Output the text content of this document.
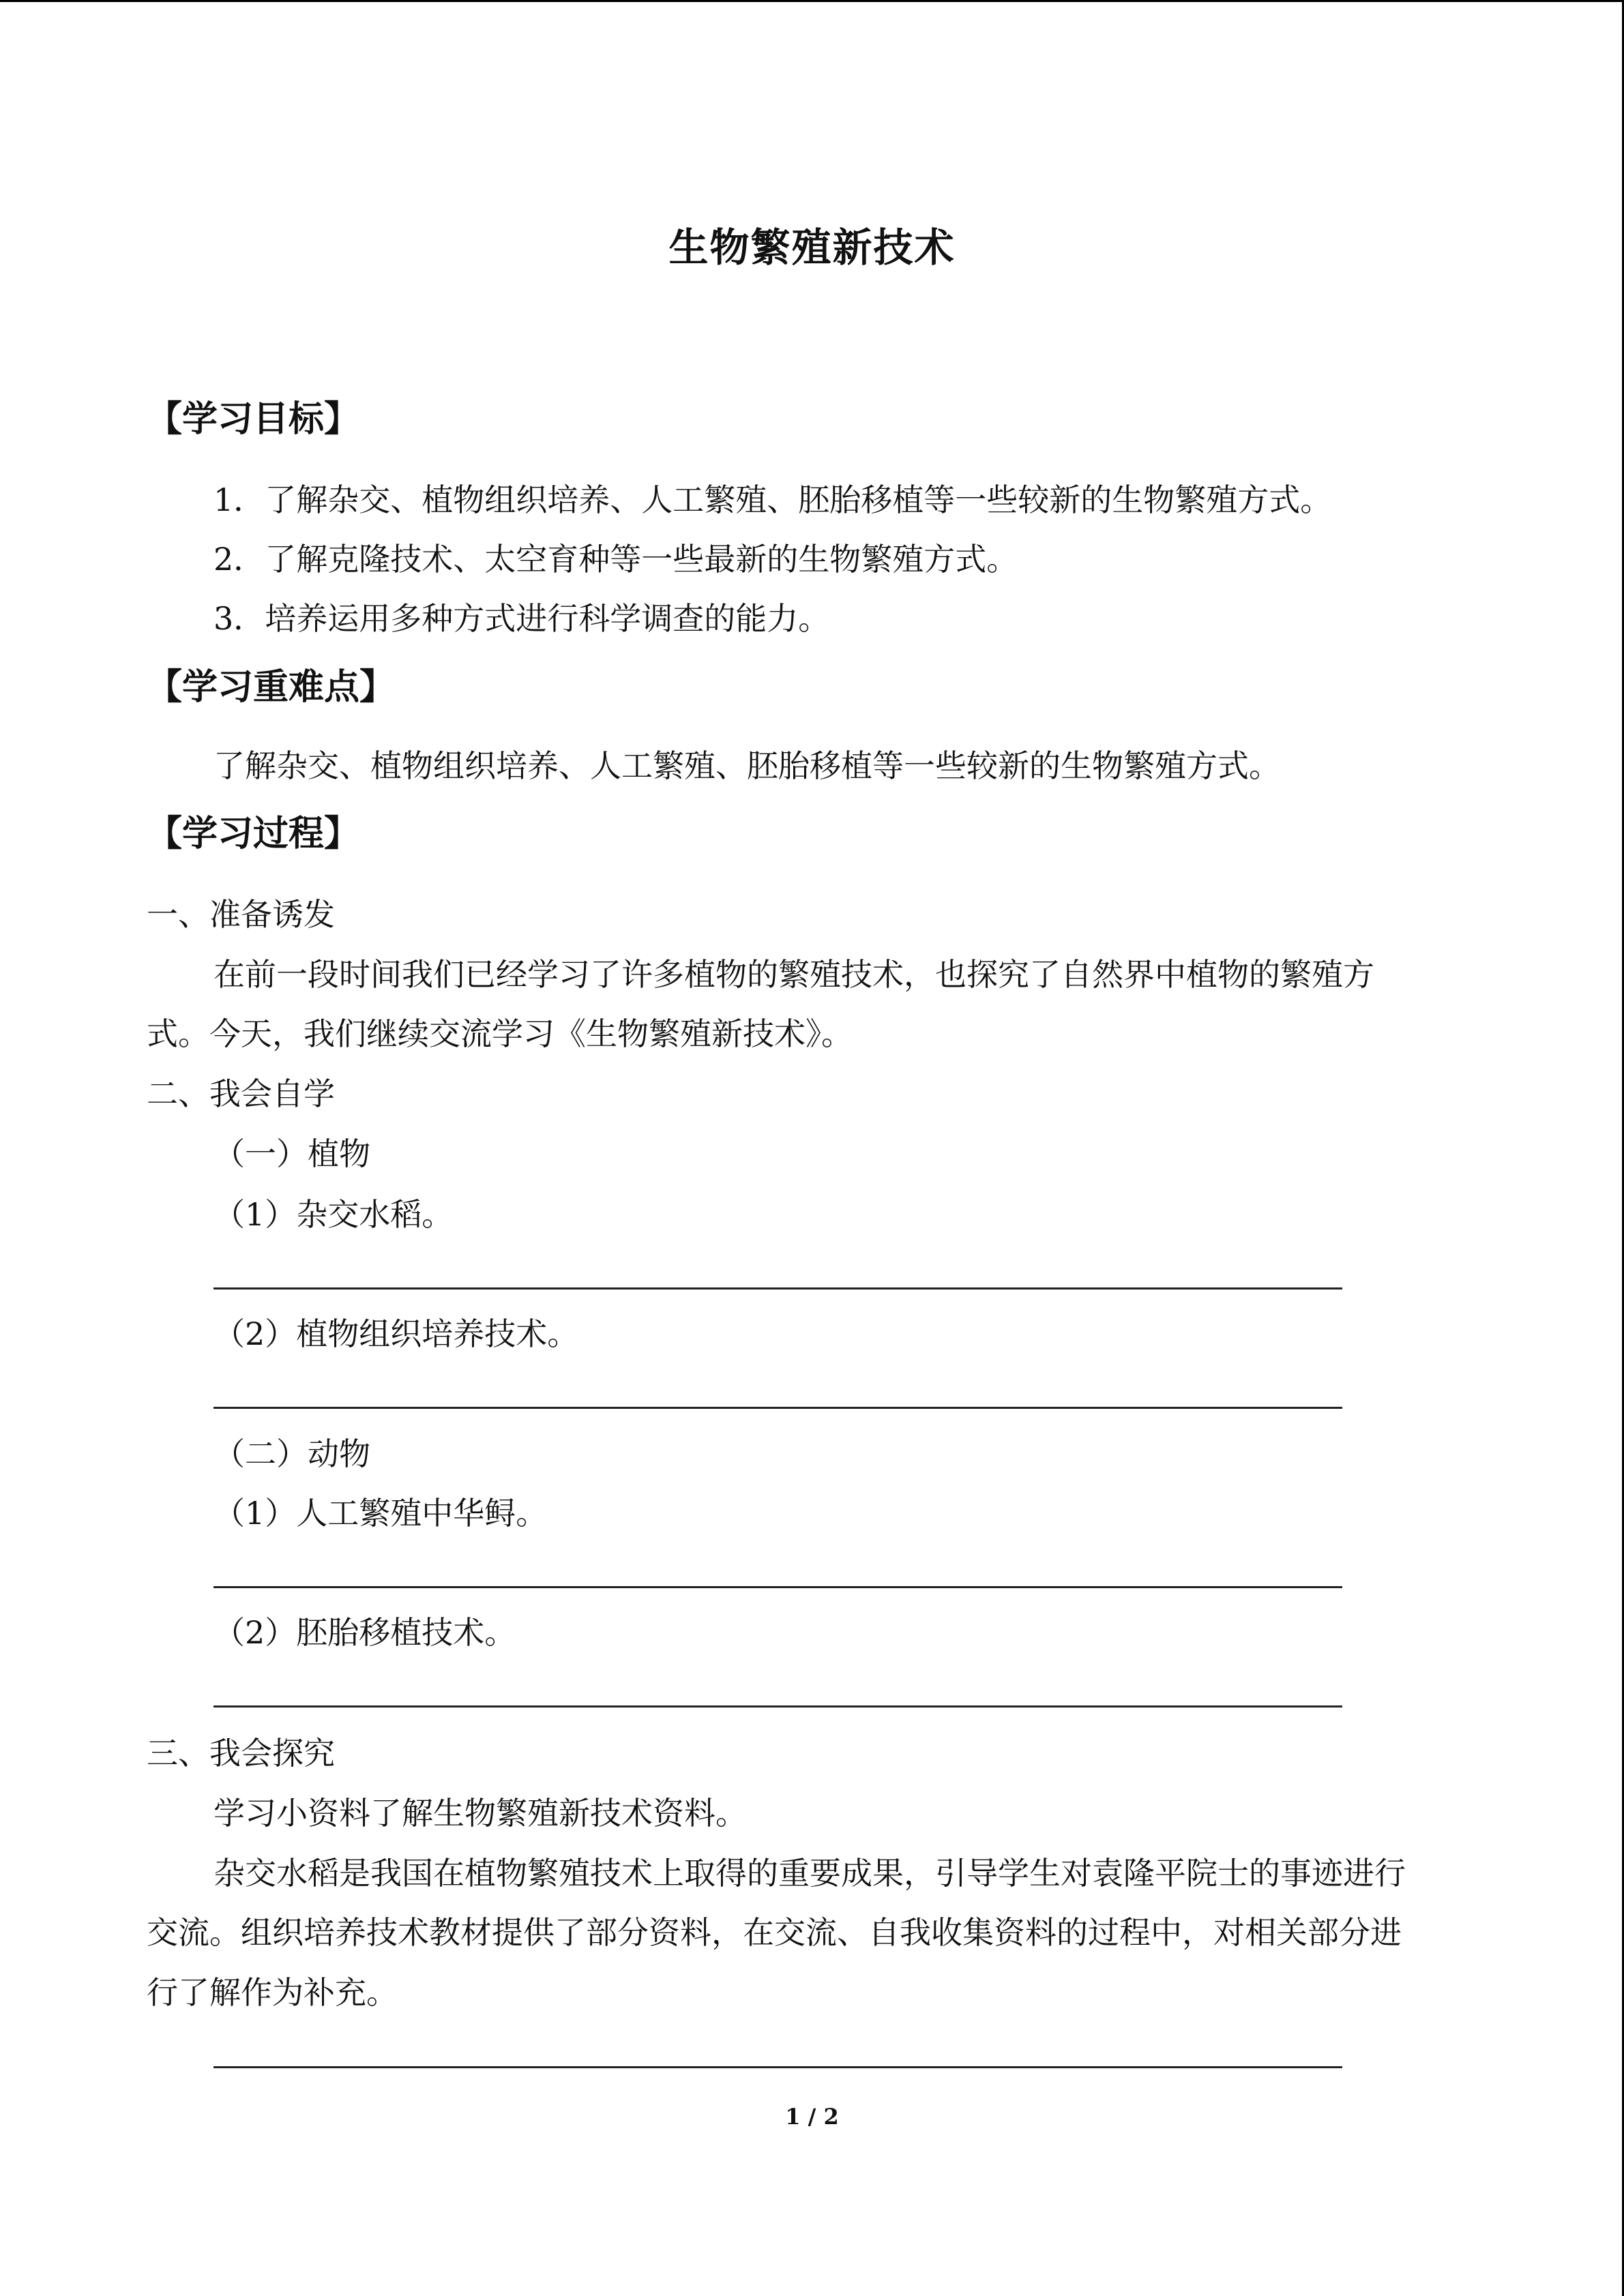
生物繁殖新技术
【学习目标】
1．了解杂交、植物组织培养、人工繁殖、胚胎移植等一些较新的生物繁殖方式。
2．了解克隆技术、太空育种等一些最新的生物繁殖方式。
3．培养运用多种方式进行科学调查的能力。
【学习重难点】
了解杂交、植物组织培养、人工繁殖、胚胎移植等一些较新的生物繁殖方式。
【学习过程】
一、准备诱发
在前一段时间我们已经学习了许多植物的繁殖技术，也探究了自然界中植物的繁殖方
式。今天，我们继续交流学习《生物繁殖新技术》。
二、我会自学
（一）植物
（1）杂交水稻。
（2）植物组织培养技术。
（二）动物
（1）人工繁殖中华鲟。
（2）胚胎移植技术。
三、我会探究
学习小资料了解生物繁殖新技术资料。
杂交水稻是我国在植物繁殖技术上取得的重要成果，引导学生对袁隆平院士的事迹进行
交流。组织培养技术教材提供了部分资料，在交流、自我收集资料的过程中，对相关部分进
行了解作为补充。
1 / 2
